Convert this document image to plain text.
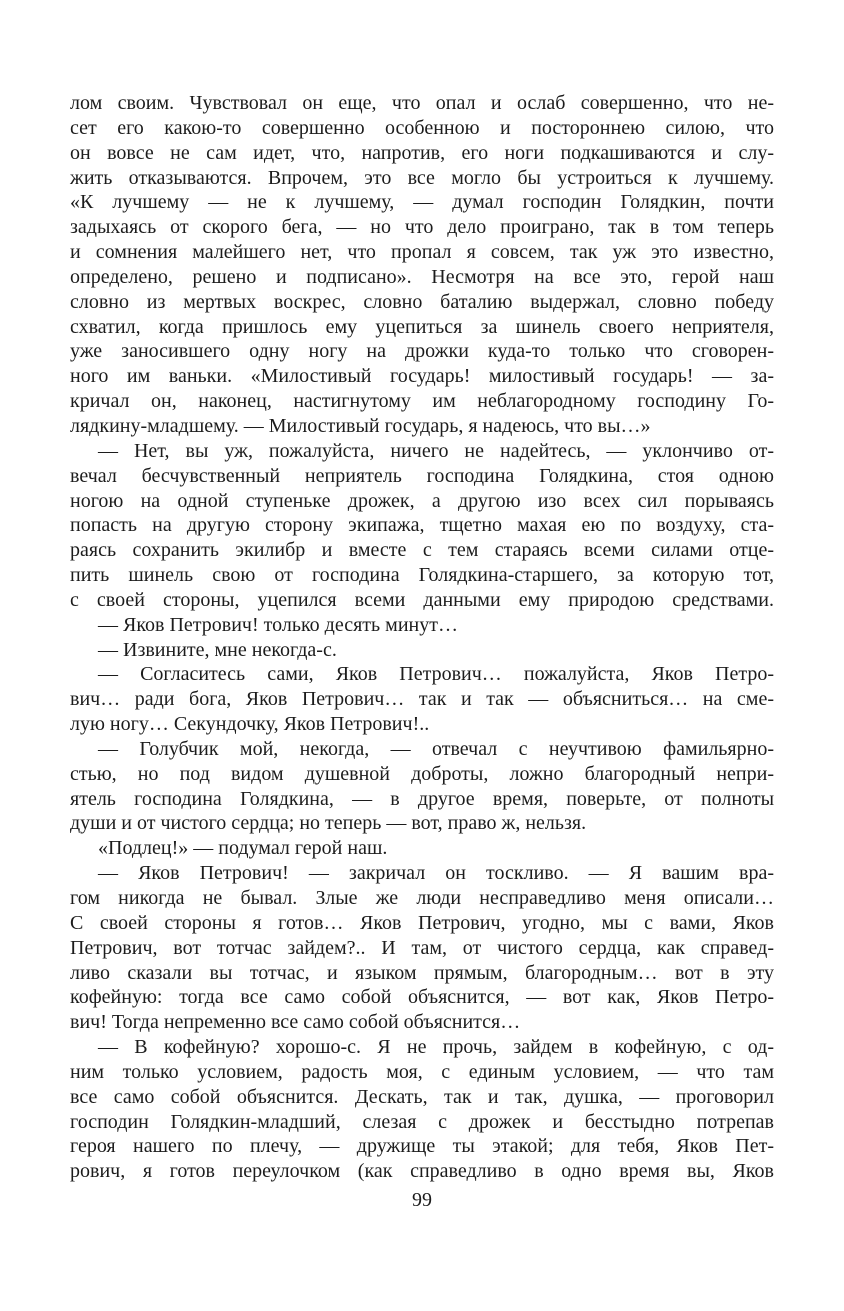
лом своим. Чувствовал он еще, что опал и ослаб совершенно, что не-
сет его какою-то совершенно особенною и постороннею силою, что
он вовсе не сам идет, что, напротив, его ноги подкашиваются и слу-
жить отказываются. Впрочем, это все могло бы устроиться к лучшему.
«К лучшему — не к лучшему, — думал господин Голядкин, почти
задыхаясь от скорого бега, — но что дело проиграно, так в том теперь
и сомнения малейшего нет, что пропал я совсем, так уж это известно,
определено, решено и подписано». Несмотря на все это, герой наш
словно из мертвых воскрес, словно баталию выдержал, словно победу
схватил, когда пришлось ему уцепиться за шинель своего неприятеля,
уже заносившего одну ногу на дрожки куда-то только что сговорен-
ного им ваньки. «Милостивый государь! милостивый государь! — за-
кричал он, наконец, настигнутому им неблагородному господину Го-
лядкину-младшему. — Милостивый государь, я надеюсь, что вы…»
— Нет, вы уж, пожалуйста, ничего не надейтесь, — уклончиво от-
вечал бесчувственный неприятель господина Голядкина, стоя одною
ногою на одной ступеньке дрожек, а другою изо всех сил порываясь
попасть на другую сторону экипажа, тщетно махая ею по воздуху, ста-
раясь сохранить экилибр и вместе с тем стараясь всеми силами отце-
пить шинель свою от господина Голядкина-старшего, за которую тот,
с своей стороны, уцепился всеми данными ему природою средствами.
— Яков Петрович! только десять минут…
— Извините, мне некогда-с.
— Согласитесь сами, Яков Петрович… пожалуйста, Яков Петро-
вич… ради бога, Яков Петрович… так и так — объясниться… на сме-
лую ногу… Секундочку, Яков Петрович!..
— Голубчик мой, некогда, — отвечал с неучтивою фамильярно-
стью, но под видом душевной доброты, ложно благородный непри-
ятель господина Голядкина, — в другое время, поверьте, от полноты
души и от чистого сердца; но теперь — вот, право ж, нельзя.
«Подлец!» — подумал герой наш.
— Яков Петрович! — закричал он тоскливо. — Я вашим вра-
гом никогда не бывал. Злые же люди несправедливо меня описали…
С своей стороны я готов… Яков Петрович, угодно, мы с вами, Яков
Петрович, вот тотчас зайдем?.. И там, от чистого сердца, как справед-
ливо сказали вы тотчас, и языком прямым, благородным… вот в эту
кофейную: тогда все само собой объяснится, — вот как, Яков Петро-
вич! Тогда непременно все само собой объяснится…
— В кофейную? хорошо-с. Я не прочь, зайдем в кофейную, с од-
ним только условием, радость моя, с единым условием, — что там
все само собой объяснится. Дескать, так и так, душка, — проговорил
господин Голядкин-младший, слезая с дрожек и бесстыдно потрепав
героя нашего по плечу, — дружище ты этакой; для тебя, Яков Пет-
рович, я готов переулочком (как справедливо в одно время вы, Яков
99
